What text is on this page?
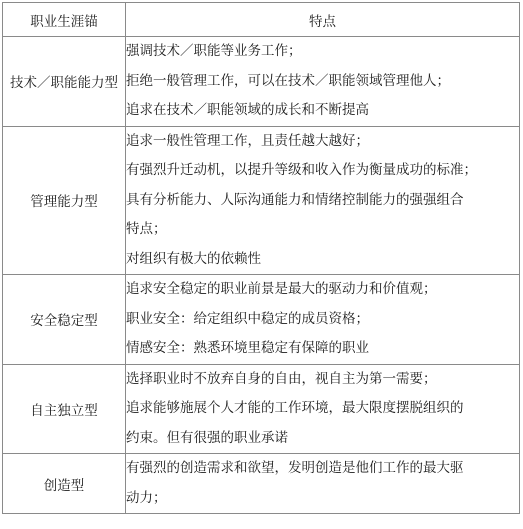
职业生涯锚	特点
技术／职能能力型	强调技术／职能等业务工作；

拒绝一般管理工作，可以在技术／职能领域管理他人；

追求在技术／职能领域的成长和不断提高

管理能力型	追求一般性管理工作，且责任越大越好；

有强烈升迁动机，以提升等级和收入作为衡量成功的标准；

具有分析能力、人际沟通能力和情绪控制能力的强强组合

特点；

对组织有极大的依赖性

安全稳定型	追求安全稳定的职业前景是最大的驱动力和价值观；

职业安全：给定组织中稳定的成员资格；

情感安全：熟悉环境里稳定有保障的职业

自主独立型	选择职业时不放弃自身的自由，视自主为第一需要；

追求能够施展个人才能的工作环境，最大限度摆脱组织的

约束。但有很强的职业承诺

创造型	有强烈的创造需求和欲望，发明创造是他们工作的最大驱

动力；
